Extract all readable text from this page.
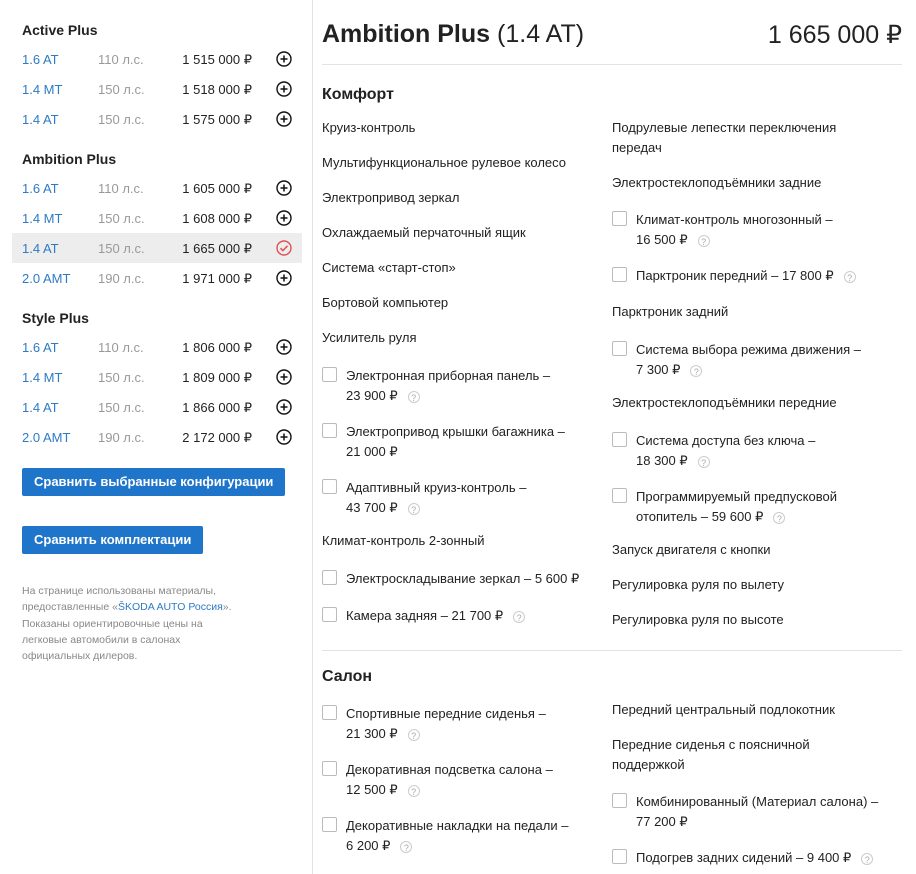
Active Plus
1.6 AT	110 л.с.	1 515 000 ₽
1.4 MT	150 л.с.	1 518 000 ₽
1.4 AT	150 л.с.	1 575 000 ₽
Ambition Plus
1.6 AT	110 л.с.	1 605 000 ₽
1.4 MT	150 л.с.	1 608 000 ₽
1.4 AT	150 л.с.	1 665 000 ₽
2.0 AMT 190 л.с.	1 971 000 ₽
Style Plus
1.6 AT	110 л.с.	1 806 000 ₽
1.4 MT	150 л.с.	1 809 000 ₽
1.4 AT	150 л.с.	1 866 000 ₽
2.0 AMT 190 л.с.	2 172 000 ₽
Сравнить выбранные конфигурации
Сравнить комплектации
На странице использованы материалы, предоставленные «ŠKODA AUTO Россия».
Показаны ориентировочные цены на легковые автомобили в салонах официальных дилеров.
Ambition Plus (1.4 AT)	1 665 000 ₽
Комфорт
Круиз-контроль
Мультифункциональное рулевое колесо
Электропривод зеркал
Охлаждаемый перчаточный ящик
Система «старт-стоп»
Бортовой компьютер
Усилитель руля
Электронная приборная панель –
23 900 ₽ ?
Электропривод крышки багажника –
21 000 ₽
Адаптивный круиз-контроль –
43 700 ₽ ?
Климат-контроль 2-зонный
Электроскладывание зеркал – 5 600 ₽
Камера задняя – 21 700 ₽ ?
Подрулевые лепестки переключения
передач
Электростеклоподъёмники задние
Климат-контроль многозонный –
16 500 ₽ ?
Парктроник передний – 17 800 ₽ ?
Парктроник задний
Система выбора режима движения –
7 300 ₽ ?
Электростеклоподъёмники передние
Система доступа без ключа –
18 300 ₽ ?
Программируемый предпусковой
отопитель – 59 600 ₽ ?
Запуск двигателя с кнопки
Регулировка руля по вылету
Регулировка руля по высоте
Салон
Спортивные передние сиденья –
21 300 ₽ ?
Декоративная подсветка салона –
12 500 ₽ ?
Декоративные накладки на педали –
6 200 ₽ ?
Передний центральный подлокотник
Передние сиденья с поясничной
поддержкой
Комбинированный (Материал салона) –
77 200 ₽
Подогрев задних сидений – 9 400 ₽ ?
